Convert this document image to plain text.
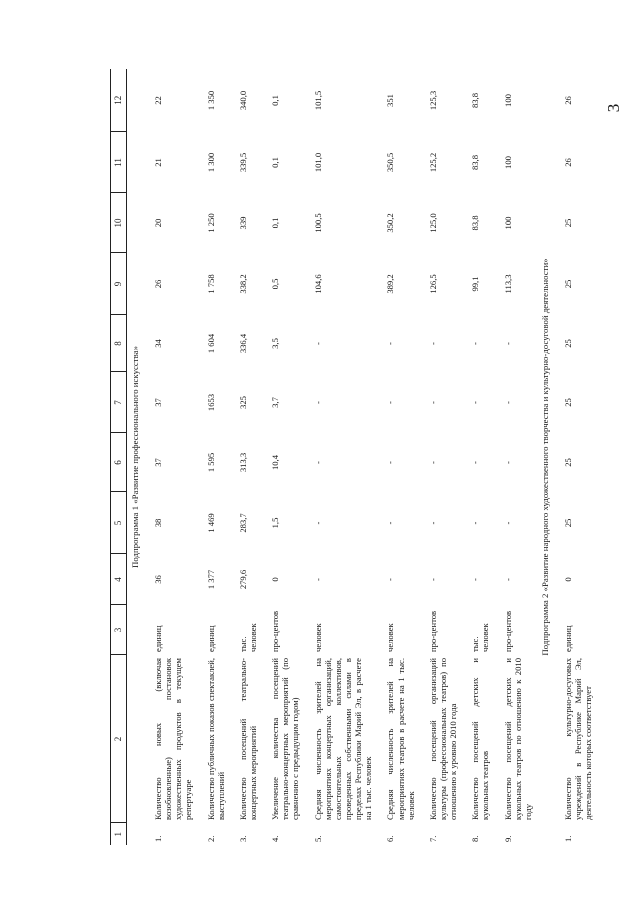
3
1	2	3	4	5	6	7	8	9	10	11	12
Подпрограмма 1 «Развитие профессионального искусства»											
1.	Количество новых (включая возобновленные) постановок художественных продуктов в текущем репертуаре	единиц	36	38	37	37	34	26	20	21	22
2.	Количество публичных показов спектаклей, выступлений	единиц	1 377	1 469	1 595	1653	1 604	1 758	1 250	1 300	1 350
3.	Количество посещений театрально-концертных мероприятий	тыс. человек	279,6	283,7	313,3	325	336,4	338,2	339	339,5	340,0
4.	Увеличение количества посещений театрально-концертных мероприятий (по сравнению с предыдущим годом)	про-центов	0	1,5	10,4	3,7	3,5	0,5	0,1	0,1	0,1
5.	Средняя численность зрителей на мероприятиях концертных организаций, самостоятельных коллективов, проведенных собственными силами в пределах Республики Марий Эл, в расчете на 1 тыс. человек	человек	-	-	-	-	-	104,6	100,5	101,0	101,5
6.	Средняя численность зрителей на мероприятиях театров в расчете на 1 тыс. человек	человек	-	-	-	-	-	389,2	350,2	350,5	351
7.	Количество посещений организаций культуры (профессиональных театров) по отношению к уровню 2010 года	про-центов	-	-	-	-	-	126,5	125,0	125,2	125,3
8.	Количество посещений детских и кукольных театров	тыс. человек	-	-	-	-	-	99,1	83,8	83,8	83,8
9.	Количество посещений детских и кукольных театров по отношению к 2010 году	про-центов	-	-	-	-	-	113,3	100	100	100
Подпрограмма 2 «Развитие народного художественного творчества и культурно-досуговой деятельности»											
1.	Количество культурно-досуговых учреждений в Республике Марий Эл, деятельность которых соответствует	единиц	0	25	25	25	25	25	25	26	26
